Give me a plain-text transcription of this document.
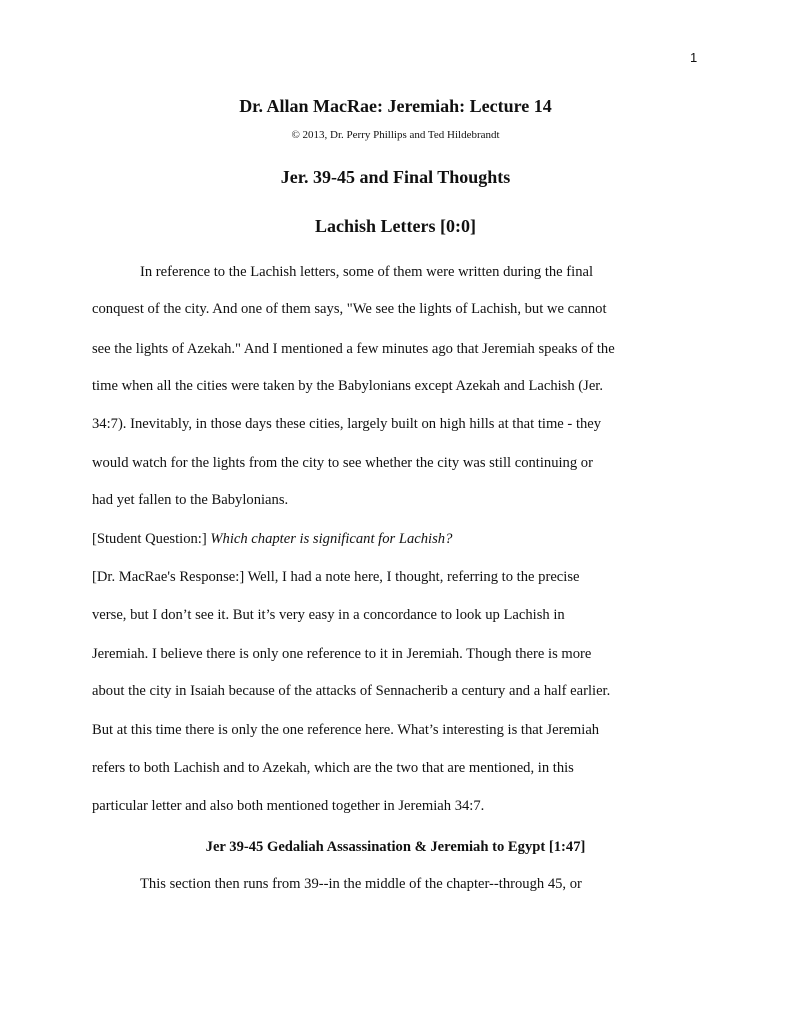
1
Dr. Allan MacRae: Jeremiah: Lecture 14
© 2013, Dr. Perry Phillips and Ted Hildebrandt
Jer. 39-45 and Final Thoughts
Lachish Letters [0:0]
In reference to the Lachish letters, some of them were written during the final
conquest of the city. And one of them says, "We see the lights of Lachish, but we cannot
see the lights of Azekah." And I mentioned a few minutes ago that Jeremiah speaks of the
time when all the cities were taken by the Babylonians except Azekah and Lachish (Jer.
34:7). Inevitably, in those days these cities, largely built on high hills at that time - they
would watch for the lights from the city to see whether the city was still continuing or
had yet fallen to the Babylonians.
[Student Question:] Which chapter is significant for Lachish?
[Dr. MacRae's Response:] Well, I had a note here, I thought, referring to the precise
verse, but I don’t see it. But it’s very easy in a concordance to look up Lachish in
Jeremiah. I believe there is only one reference to it in Jeremiah. Though there is more
about the city in Isaiah because of the attacks of Sennacherib a century and a half earlier.
But at this time there is only the one reference here. What’s interesting is that Jeremiah
refers to both Lachish and to Azekah, which are the two that are mentioned, in this
particular letter and also both mentioned together in Jeremiah 34:7.
This section then runs from 39--in the middle of the chapter--through 45, or
Jer 39-45 Gedaliah Assassination & Jeremiah to Egypt [1:47]
